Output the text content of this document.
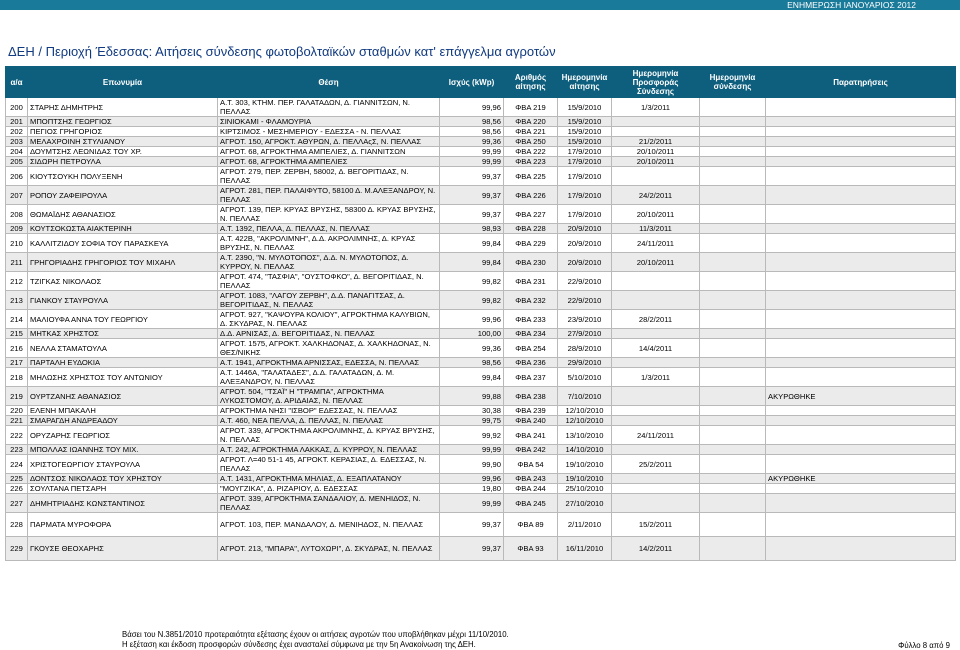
ΕΝΗΜΕΡΩΣΗ ΙΑΝΟΥΑΡΙΟΣ 2012
ΔΕΗ / Περιοχή Έδεσσας: Αιτήσεις σύνδεσης φωτοβολταϊκών σταθμών κατ' επάγγελμα αγροτών
α/α	Επωνυμία	Θέση	Ισχύς (kWp)	Αριθμός αίτησης	Ημερομηνία αίτησης	Ημερομηνία Προσφοράς Σύνδεσης	Ημερομηνία σύνδεσης	Παρατηρήσεις
200	ΣΤΑΡΗΣ ΔΗΜΗΤΡΗΣ	Α.Τ. 303, ΚΤΗΜ. ΠΕΡ. ΓΑΛΑΤΑΔΩΝ, Δ. ΓΙΑΝΝΙΤΣΩΝ, Ν. ΠΕΛΛΑΣ	99,96	ΦΒΑ 219	15/9/2010	1/3/2011		
201	ΜΠΟΠΤΣΗΣ ΓΕΩΡΓΙΟΣ	ΣΙΝΙΟΚΑΜΙ - ΦΛΑΜΟΥΡΙΑ	98,56	ΦΒΑ 220	15/9/2010			
202	ΠΕΓΙΟΣ ΓΡΗΓΟΡΙΟΣ	ΚΙΡΤΣΙΜΟΣ - ΜΕΣΗΜΕΡΙΟΥ - ΕΔΕΣΣΑ - Ν. ΠΕΛΛΑΣ	98,56	ΦΒΑ 221	15/9/2010			
203	ΜΕΛΑΧΡΟΙΝΗ ΣΤΥΛΙΑΝΟΥ	ΑΓΡΟΤ. 150, ΑΓΡΟΚΤ. ΑΘΥΡΩΝ, Δ. ΠΕΛΛΑςΣ, Ν. ΠΕΛΛΑΣ	99,36	ΦΒΑ 250	15/9/2010	21/2/2011		
204	ΔΟΥΜΤΣΗΣ ΛΕΩΝΙΔΑΣ ΤΟΥ ΧΡ.	ΑΓΡΟΤ. 68, ΑΓΡΟΚΤΗΜΑ ΑΜΠΕΛΙΕΣ, Δ. ΓΙΑΝΝΙΤΣΩΝ	99,99	ΦΒΑ 222	17/9/2010	20/10/2011		
205	ΣΙΔΩΡΗ ΠΕΤΡΟΥΛΑ	ΑΓΡΟΤ. 68, ΑΓΡΟΚΤΗΜΑ ΑΜΠΕΛΙΕΣ	99,99	ΦΒΑ 223	17/9/2010	20/10/2011		
206	ΚΙΟΥΤΣΟΥΚΗ ΠΟΛΥΞΕΝΗ	ΑΓΡΟΤ. 279, ΠΕΡ. ΖΕΡΒΗ, 58002, Δ. ΒΕΓΟΡΙΤΙΔΑΣ, Ν. ΠΕΛΛΑΣ	99,37	ΦΒΑ 225	17/9/2010			
207	ΡΟΠΟΥ ΖΑΦΕΙΡΟΥΛΑ	ΑΓΡΟΤ. 281, ΠΕΡ. ΠΑΛΑΙΦΥΤΟ, 58100 Δ. Μ.ΑΛΕΞΑΝΔΡΟΥ, Ν. ΠΕΛΛΑΣ	99,37	ΦΒΑ 226	17/9/2010	24/2/2011		
208	ΘΩΜΑΪΔΗΣ ΑΘΑΝΑΣΙΟΣ	ΑΓΡΟΤ. 139, ΠΕΡ. ΚΡΥΑΣ ΒΡΥΣΗΣ, 58300 Δ. ΚΡΥΑΣ ΒΡΥΣΗΣ, Ν. ΠΕΛΛΑΣ	99,37	ΦΒΑ 227	17/9/2010	20/10/2011		
209	ΚΟΥΤΣΟΚΩΣΤΑ ΑΙΑΚΤΕΡΙΝΗ	Α.Τ. 1392, ΠΕΛΛΑ, Δ. ΠΕΛΛΑΣ, Ν. ΠΕΛΛΑΣ	98,93	ΦΒΑ 228	20/9/2010	11/3/2011		
210	ΚΑΛΛΙΤΖΙΔΟΥ ΣΟΦΙΑ ΤΟΥ ΠΑΡΑΣΚΕΥΑ	Α.Τ. 422Β, "ΑΚΡΟΛΙΜΝΗ", Δ.Δ. ΑΚΡΟΛΙΜΝΗΣ, Δ. ΚΡΥΑΣ ΒΡΥΣΗΣ, Ν. ΠΕΛΛΑΣ	99,84	ΦΒΑ 229	20/9/2010	24/11/2011		
211	ΓΡΗΓΟΡΙΑΔΗΣ ΓΡΗΓΟΡΙΟΣ ΤΟΥ ΜΙΧΑΗΛ	Α.Τ. 2390, "Ν. ΜΥΛΟΤΟΠΟΣ", Δ.Δ. Ν. ΜΥΛΟΤΟΠΟΣ, Δ. ΚΥΡΡΟΥ, Ν. ΠΕΛΛΑΣ	99,84	ΦΒΑ 230	20/9/2010	20/10/2011		
212	ΤΖΙΓΚΑΣ ΝΙΚΟΛΑΟΣ	ΑΓΡΟΤ. 474, "ΤΑΣΦΙΑ", "ΟΥΣΤΟΦΚΟ", Δ. ΒΕΓΟΡΙΤΙΔΑΣ, Ν. ΠΕΛΛΑΣ	99,82	ΦΒΑ 231	22/9/2010			
213	ΓΙΑΝΚΟΥ ΣΤΑΥΡΟΥΛΑ	ΑΓΡΟΤ. 1083, "ΛΑΓΟΥ ΖΕΡΒΗ", Δ.Δ. ΠΑΝΑΓΙΤΣΑΣ, Δ. ΒΕΓΟΡΙΤΙΔΑΣ, Ν. ΠΕΛΛΑΣ	99,82	ΦΒΑ 232	22/9/2010			
214	ΜΑΛΙΟΥΦΑ ΑΝΝΑ ΤΟΥ ΓΕΩΡΓΙΟΥ	ΑΓΡΟΤ. 927, "ΚΑΨΟΥΡΑ ΚΟΛΙΟΥ", ΑΓΡΟΚΤΗΜΑ ΚΑΛΥΒΙΩΝ, Δ. ΣΚΥΔΡΑΣ, Ν. ΠΕΛΛΑΣ	99,96	ΦΒΑ 233	23/9/2010	28/2/2011		
215	ΜΗΤΚΑΣ ΧΡΗΣΤΟΣ	Δ.Δ. ΑΡΝΙΣΑΣ, Δ. ΒΕΓΟΡΙΤΙΔΑΣ, Ν. ΠΕΛΛΑΣ	100,00	ΦΒΑ 234	27/9/2010			
216	ΝΕΛΛΑ ΣΤΑΜΑΤΟΥΛΑ	ΑΓΡΟΤ. 1575, ΑΓΡΟΚΤ. ΧΑΛΚΗΔΟΝΑΣ, Δ. ΧΑΛΚΗΔΟΝΑΣ, Ν. ΘΕΣ/ΝΙΚΗΣ	99,36	ΦΒΑ 254	28/9/2010	14/4/2011		
217	ΠΑΡΤΑΛΗ ΕΥΔΟΚΙΑ	Α.Τ. 1941, ΑΓΡΟΚΤΗΜΑ ΑΡΝΙΣΣΑΣ, ΕΔΕΣΣΑ, Ν. ΠΕΛΛΑΣ	98,56	ΦΒΑ 236	29/9/2010			
218	ΜΗΛΩΣΗΣ ΧΡΗΣΤΟΣ ΤΟΥ ΑΝΤΩΝΙΟΥ	Α.Τ. 1446Α, "ΓΑΛΑΤΑΔΕΣ", Δ.Δ. ΓΑΛΑΤΑΔΩΝ, Δ. Μ. ΑΛΕΞΑΝΔΡΟΥ, Ν. ΠΕΛΛΑΣ	99,84	ΦΒΑ 237	5/10/2010	1/3/2011		
219	ΟΥΡΤΖΑΝΗΣ ΑΘΑΝΑΣΙΟΣ	ΑΓΡΟΤ. 504, "ΤΣΑΪ" Η "ΤΡΑΜΠΑ", ΑΓΡΟΚΤΗΜΑ ΛΥΚΟΣΤΟΜΟΥ, Δ. ΑΡΙΔΑΙΑΣ, Ν. ΠΕΛΛΑΣ	99,88	ΦΒΑ 238	7/10/2010			ΑΚΥΡΩΘΗΚΕ
220	ΕΛΕΝΗ ΜΠΑΚΑΛΗ	ΑΓΡΟΚΤΗΜΑ ΝΗΣΙ "ΙΣΒΟΡ" ΕΔΕΣΣΑΣ, Ν. ΠΕΛΛΑΣ	30,38	ΦΒΑ 239	12/10/2010			
221	ΣΜΑΡΑΓΔΗ ΑΝΔΡΕΑΔΟΥ	Α.Τ. 460, ΝΕΑ ΠΕΛΛΑ, Δ. ΠΕΛΛΑΣ, Ν. ΠΕΛΛΑΣ	99,75	ΦΒΑ 240	12/10/2010			
222	ΟΡΥΖΑΡΗΣ ΓΕΩΡΓΙΟΣ	ΑΓΡΟΤ. 339, ΑΓΡΟΚΤΗΜΑ ΑΚΡΟΛΙΜΝΗΣ, Δ. ΚΡΥΑΣ ΒΡΥΣΗΣ, Ν. ΠΕΛΛΑΣ	99,92	ΦΒΑ 241	13/10/2010	24/11/2011		
223	ΜΠΟΛΛΑΣ ΙΩΑΝΝΗΣ ΤΟΥ ΜΙΧ.	Α.Τ. 242, ΑΓΡΟΚΤΗΜΑ ΛΑΚΚΑΣ, Δ. ΚΥΡΡΟΥ, Ν. ΠΕΛΛΑΣ	99,99	ΦΒΑ 242	14/10/2010			
224	ΧΡΙΣΤΟΓΕΩΡΓΙΟΥ ΣΤΑΥΡΟΥΛΑ	ΑΓΡΟΤ. Λ=40 51-1 45, ΑΓΡΟΚΤ. ΚΕΡΑΣΙΑΣ, Δ. ΕΔΕΣΣΑΣ, Ν. ΠΕΛΛΑΣ	99,90	ΦΒΑ 54	19/10/2010	25/2/2011		
225	ΔΟΝΤΣΟΣ ΝΙΚΟΛΑΟΣ ΤΟΥ ΧΡΗΣΤΟΥ	Α.Τ. 1431, ΑΓΡΟΚΤΗΜΑ ΜΗΛΙΑΣ, Δ. ΕΞΑΠΛΑΤΑΝΟΥ	99,96	ΦΒΑ 243	19/10/2010			ΑΚΥΡΩΘΗΚΕ
226	ΣΟΥΛΤΑΝΑ ΠΕΤΣΑΡΗ	"ΜΟΥΓΖΙΚΑ", Δ. ΡΙΖΑΡΙΟΥ, Δ. ΕΔΕΣΣΑΣ	19,80	ΦΒΑ 244	25/10/2010			
227	ΔΗΜΗΤΡΙΑΔΗΣ ΚΩΝΣΤΑΝΤΙΝΟΣ	ΑΓΡΟΤ. 339, ΑΓΡΟΚΤΗΜΑ ΣΑΝΔΑΛΙΟΥ, Δ. ΜΕΝΗΙΔΟΣ, Ν. ΠΕΛΛΑΣ	99,99	ΦΒΑ 245	27/10/2010			
228	ΠΑΡΜΑΤΑ ΜΥΡΟΦΟΡΑ	ΑΓΡΟΤ. 103, ΠΕΡ. ΜΑΝΔΑΛΟΥ, Δ. ΜΕΝΙΗΔΟΣ, Ν. ΠΕΛΛΑΣ	99,37	ΦΒΑ 89	2/11/2010	15/2/2011		
229	ΓΚΟΥΣΕ ΘΕΟΧΑΡΗΣ	ΑΓΡΟΤ. 213, "ΜΠΑΡΑ", ΛΥΤΟΧΩΡΙ", Δ. ΣΚΥΔΡΑΣ, Ν. ΠΕΛΛΑΣ	99,37	ΦΒΑ 93	16/11/2010	14/2/2011		
Βάσει του Ν.3851/2010 προτεραιότητα εξέτασης έχουν οι αιτήσεις αγροτών που υποβλήθηκαν μέχρι 11/10/2010.
Η εξέταση και έκδοση προσφορών σύνδεσης έχει ανασταλεί σύμφωνα με την 5η Ανακοίνωση της ΔΕΗ.	Φύλλο 8 από 9
